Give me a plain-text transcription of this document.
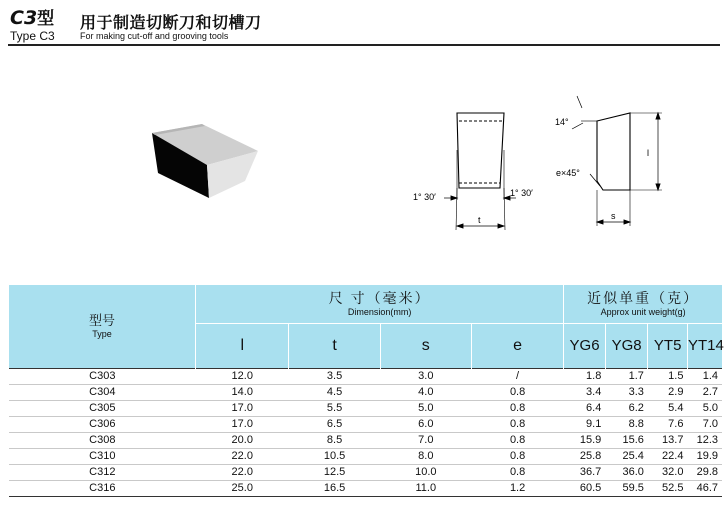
C3型
Type C3
用于制造切断刀和切槽刀
For making cut-off and grooving tools
1° 30′	1° 30′
t
14°
e×45°
l
s
型号
Type	尺 寸（毫米）
Dimension(mm)				近似单重（克）
Approx unit weight(g)			

	l	t	s	e	YG6	YG8	YT5	YT14
C303	12.0	3.5	3.0	/	1.8	1.7	1.5	1.4
C304	14.0	4.5	4.0	0.8	3.4	3.3	2.9	2.7
C305	17.0	5.5	5.0	0.8	6.4	6.2	5.4	5.0
C306	17.0	6.5	6.0	0.8	9.1	8.8	7.6	7.0
C308	20.0	8.5	7.0	0.8	15.9	15.6	13.7	12.3
C310	22.0	10.5	8.0	0.8	25.8	25.4	22.4	19.9
C312	22.0	12.5	10.0	0.8	36.7	36.0	32.0	29.8
C316	25.0	16.5	11.0	1.2	60.5	59.5	52.5	46.7
